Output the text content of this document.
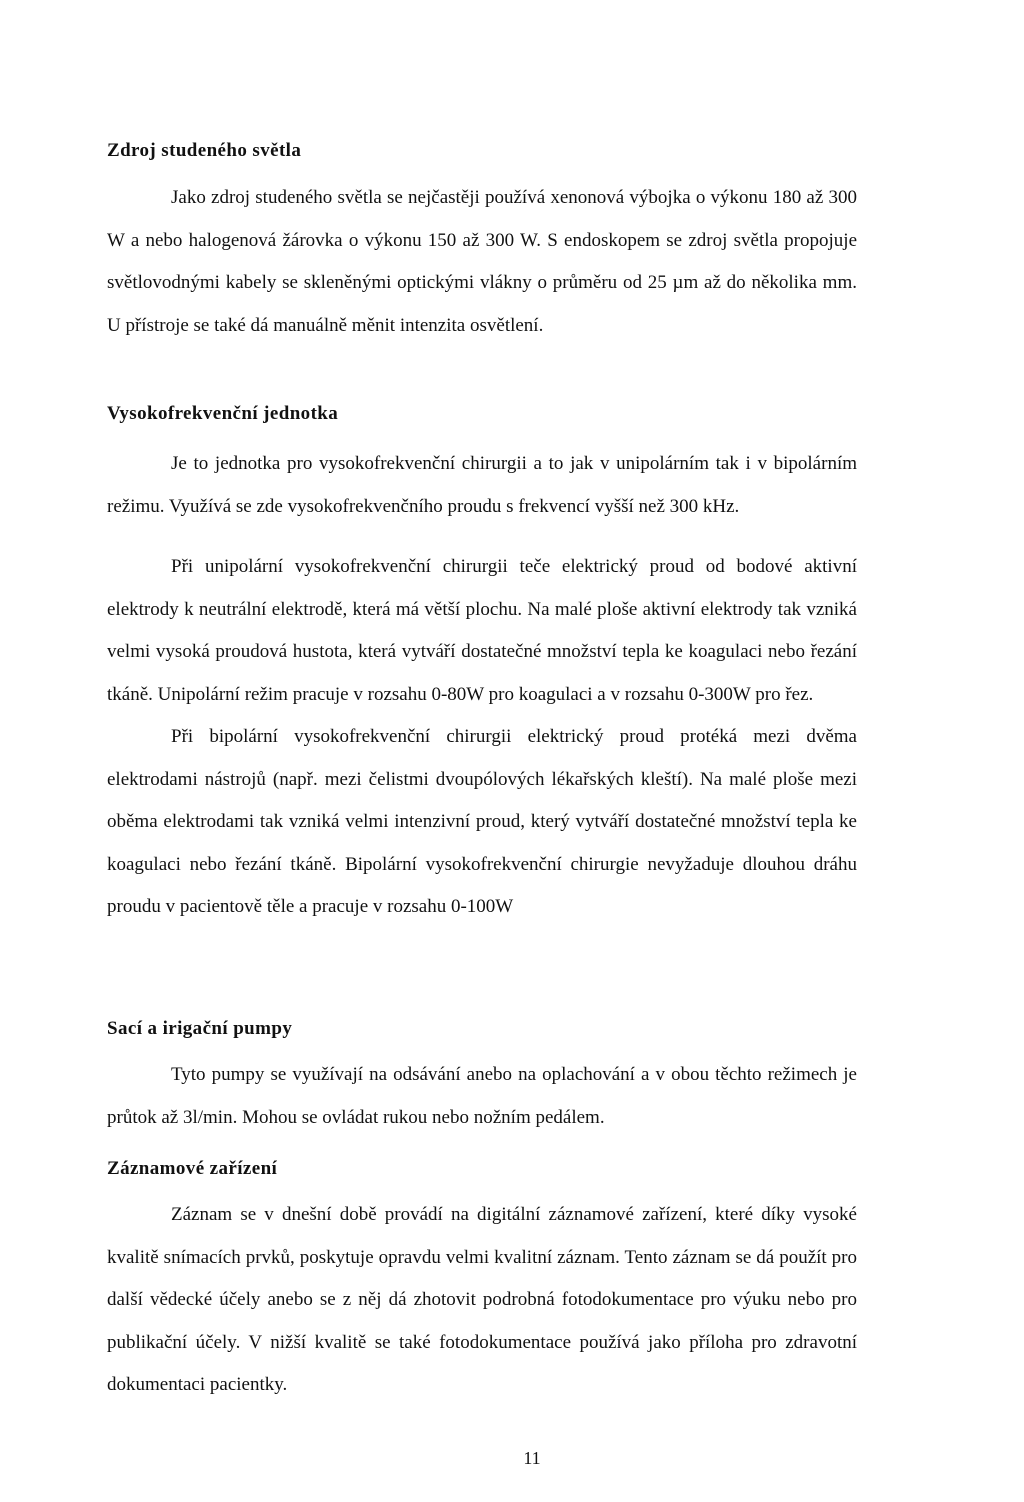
Zdroj studeného světla

Jako zdroj studeného světla se nejčastěji používá xenonová výbojka o výkonu 180 až 300 W a nebo halogenová žárovka o výkonu 150 až 300 W. S endoskopem se zdroj světla propojuje světlovodnými kabely se skleněnými optickými vlákny o průměru od 25 µm až do několika mm. U přístroje se také dá manuálně měnit intenzita osvětlení.

Vysokofrekvenční jednotka

Je to jednotka pro vysokofrekvenční chirurgii a to jak v unipolárním tak i v bipolárním režimu. Využívá se zde vysokofrekvenčního proudu s frekvencí vyšší než 300 kHz.

Při unipolární vysokofrekvenční chirurgii teče elektrický proud od bodové aktivní elektrody k neutrální elektrodě, která má větší plochu. Na malé ploše aktivní elektrody tak vzniká velmi vysoká proudová hustota, která vytváří dostatečné množství tepla ke koagulaci nebo řezání tkáně. Unipolární režim pracuje v rozsahu 0-80W pro koagulaci a v rozsahu 0-300W pro řez.

Při bipolární vysokofrekvenční chirurgii elektrický proud protéká mezi dvěma elektrodami nástrojů (např. mezi čelistmi dvoupólových lékařských kleští). Na malé ploše mezi oběma elektrodami tak vzniká velmi intenzivní proud, který vytváří dostatečné množství tepla ke koagulaci nebo řezání tkáně. Bipolární vysokofrekvenční chirurgie nevyžaduje dlouhou dráhu proudu v pacientově těle a pracuje v rozsahu 0-100W

Sací a irigační pumpy

Tyto pumpy se využívají na odsávání anebo na oplachování a v obou těchto režimech je průtok až 3l/min. Mohou se ovládat rukou nebo nožním pedálem.

Záznamové zařízení

Záznam se v dnešní době provádí na digitální záznamové zařízení, které díky vysoké kvalitě snímacích prvků, poskytuje opravdu velmi kvalitní záznam. Tento záznam se dá použít pro další vědecké účely anebo se z něj dá zhotovit podrobná fotodokumentace pro výuku nebo pro publikační účely. V nižší kvalitě se také fotodokumentace používá jako příloha pro zdravotní dokumentaci pacientky.

11
